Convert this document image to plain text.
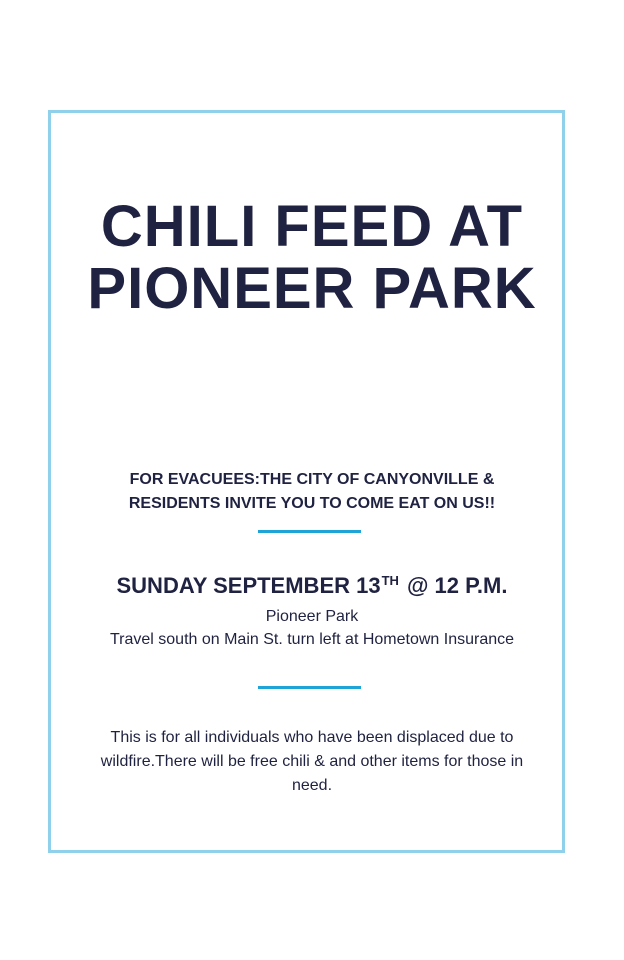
CHILI FEED AT
PIONEER PARK
FOR EVACUEES:THE CITY OF CANYONVILLE &
RESIDENTS INVITE YOU TO COME EAT ON US!!
SUNDAY SEPTEMBER 13TH @ 12 P.M.
Pioneer Park
Travel south on Main St. turn left at Hometown Insurance
This is for all individuals who have been displaced due to
wildfire.There will be free chili & and other items for those in
need.
